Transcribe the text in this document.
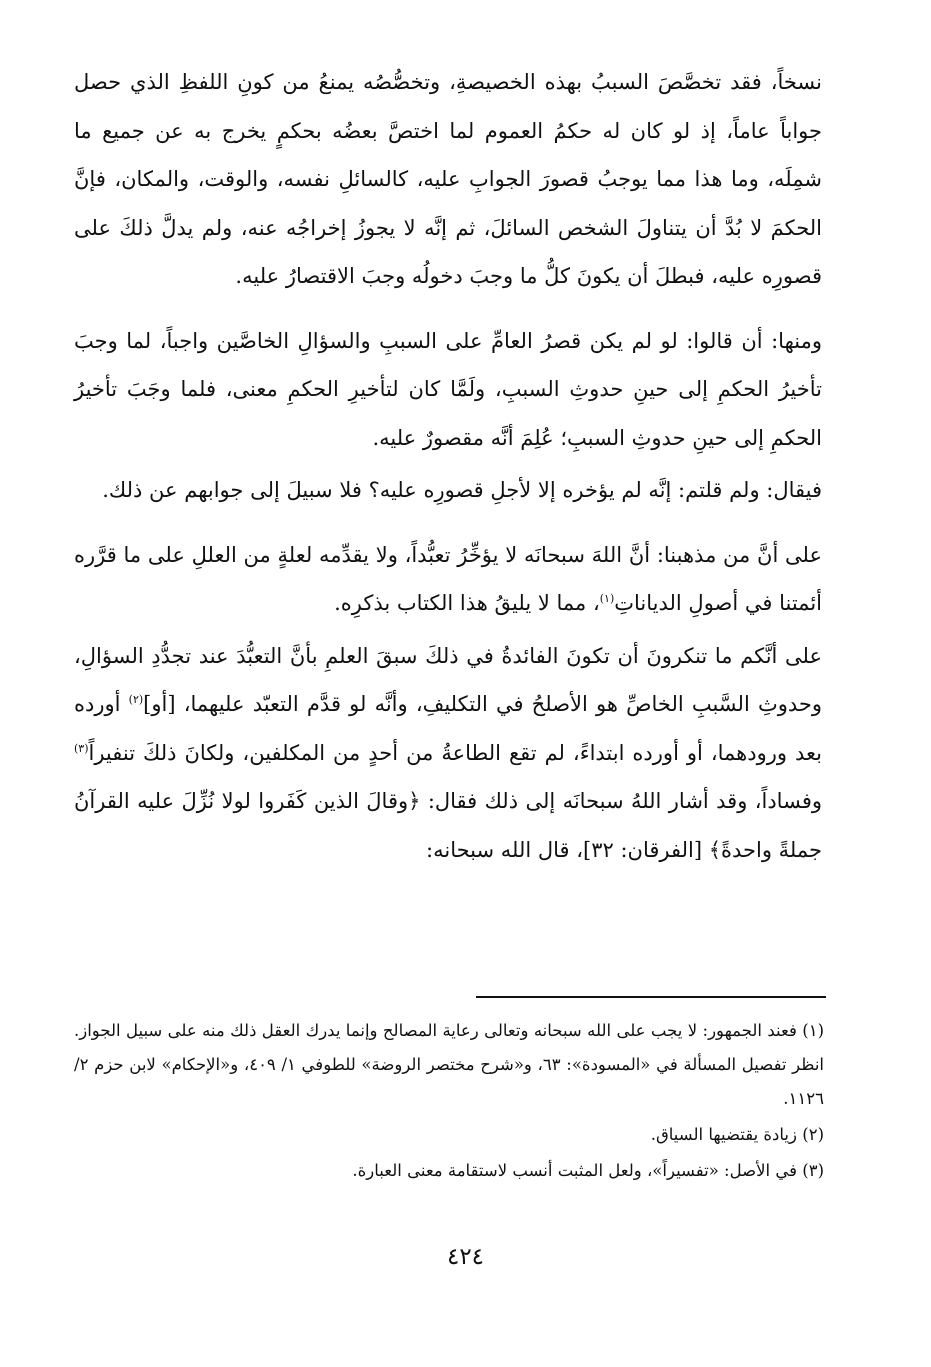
نسخاً، فقد تخصَّصَ السببُ بهذه الخصيصةِ، وتخصُّصُه يمنعُ من كونِ اللفظِ الذي حصل جواباً عاماً، إذ لو كان له حكمُ العموم لما اختصَّ بعضُه بحكمٍ يخرج به عن جميع ما شمِلَه، وما هذا مما يوجبُ قصورَ الجوابِ عليه، كالسائلِ نفسه، والوقت، والمكان، فإنَّ الحكمَ لا بُدَّ أن يتناولَ الشخص السائلَ، ثم إنَّه لا يجوزُ إخراجُه عنه، ولم يدلَّ ذلكَ على قصورِه عليه، فبطلَ أن يكونَ كلُّ ما وجبَ دخولُه وجبَ الاقتصارُ عليه.

ومنها: أن قالوا: لو لم يكن قصرُ العامِّ على السببِ والسؤالِ الخاصَّين واجباً، لما وجبَ تأخيرُ الحكمِ إلى حينِ حدوثِ السببِ، ولَمَّا كان لتأخيرِ الحكمِ معنى، فلما وجَبَ تأخيرُ الحكمِ إلى حينِ حدوثِ السببِ؛ عُلِمَ أنَّه مقصورٌ عليه.

فيقال: ولم قلتم: إنَّه لم يؤخره إلا لأجلِ قصورِه عليه؟ فلا سبيلَ إلى جوابهم عن ذلك.

على أنَّ من مذهبنا: أنَّ اللهَ سبحانَه لا يؤخِّرُ تعبُّداً، ولا يقدِّمه لعلةٍ من العللِ على ما قرَّره أئمتنا في أصولِ الدياناتِ$^{(١)}$، مما لا يليقُ هذا الكتاب بذكرِه.

على أنَّكم ما تنكرونَ أن تكونَ الفائدةُ في ذلكَ سبقَ العلمِ بأنَّ التعبُّدَ عند تجدُّدِ السؤالِ، وحدوثِ السَّببِ الخاصِّ هو الأصلحُ في التكليفِ، وأنَّه لو قدَّم التعبّد عليهما، [أو]$^{(٢)}$ أورده بعد ورودهما، أو أورده ابتداءً، لم تقع الطاعةُ من أحدٍ من المكلفين، ولكانَ ذلكَ تنفيراً$^{(٣)}$ وفساداً، وقد أشار اللهُ سبحانَه إلى ذلك فقال: ﴿وقالَ الذين كَفَروا لولا نُزِّلَ عليه القرآنُ جملةً واحدةً﴾ [الفرقان: ٣٢]، قال الله سبحانه:

(١) فعند الجمهور: لا يجب على الله سبحانه وتعالى رعاية المصالح وإنما يدرك العقل ذلك منه على سبيل الجواز. انظر تفصيل المسألة في «المسودة»: ٦٣، و«شرح مختصر الروضة» للطوفي ١/ ٤٠٩، و«الإحكام» لابن حزم ٢/ ١١٢٦.

(٢) زيادة يقتضيها السياق.

(٣) في الأصل: «تفسيراً»، ولعل المثبت أنسب لاستقامة معنى العبارة.

٤٢٤
